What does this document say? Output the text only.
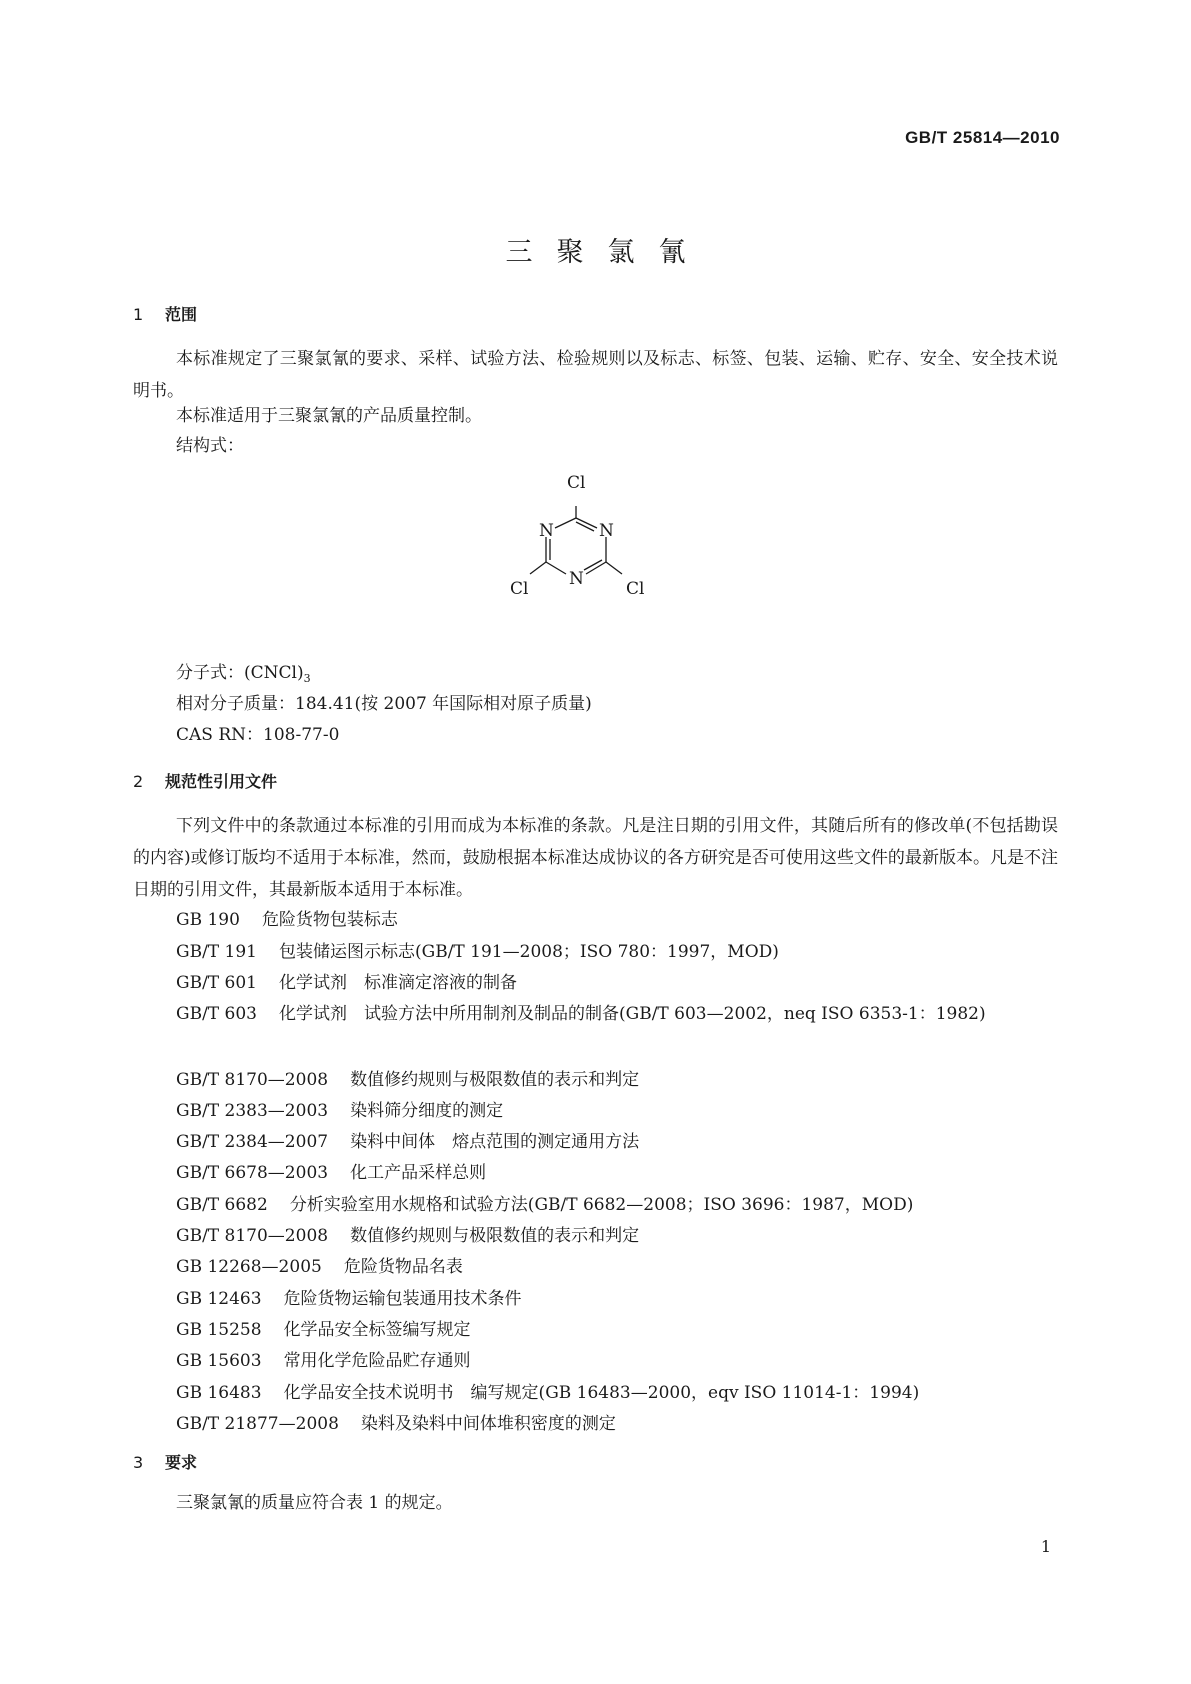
GB/T 25814—2010
三聚氯氰
1 范围
本标准规定了三聚氯氰的要求、采样、试验方法、检验规则以及标志、标签、包装、运输、贮存、安全、安全技术说明书。
本标准适用于三聚氯氰的产品质量控制。
结构式：
Cl
N	N
N
Cl	Cl
分子式：$(CNCl)_3$
相对分子质量：184.41(按 2007 年国际相对原子质量)
CAS RN：108-77-0
2 规范性引用文件
下列文件中的条款通过本标准的引用而成为本标准的条款。凡是注日期的引用文件，其随后所有的修改单(不包括勘误的内容)或修订版均不适用于本标准，然而，鼓励根据本标准达成协议的各方研究是否可使用这些文件的最新版本。凡是不注日期的引用文件，其最新版本适用于本标准。
GB 190 危险货物包装标志
GB/T 191 包装储运图示标志(GB/T 191—2008；ISO 780：1997，MOD)
GB/T 601 化学试剂　标准滴定溶液的制备
GB/T 603 化学试剂　试验方法中所用制剂及制品的制备(GB/T 603—2002，neq ISO 6353-1：1982)
GB/T 8170—2008 数值修约规则与极限数值的表示和判定
GB/T 2383—2003 染料筛分细度的测定
GB/T 2384—2007 染料中间体　熔点范围的测定通用方法
GB/T 6678—2003 化工产品采样总则
GB/T 6682 分析实验室用水规格和试验方法(GB/T 6682—2008；ISO 3696：1987，MOD)
GB/T 8170—2008 数值修约规则与极限数值的表示和判定
GB 12268—2005 危险货物品名表
GB 12463 危险货物运输包装通用技术条件
GB 15258 化学品安全标签编写规定
GB 15603 常用化学危险品贮存通则
GB 16483 化学品安全技术说明书　编写规定(GB 16483—2000，eqv ISO 11014-1：1994)
GB/T 21877—2008 染料及染料中间体堆积密度的测定
3 要求
三聚氯氰的质量应符合表 1 的规定。
1
